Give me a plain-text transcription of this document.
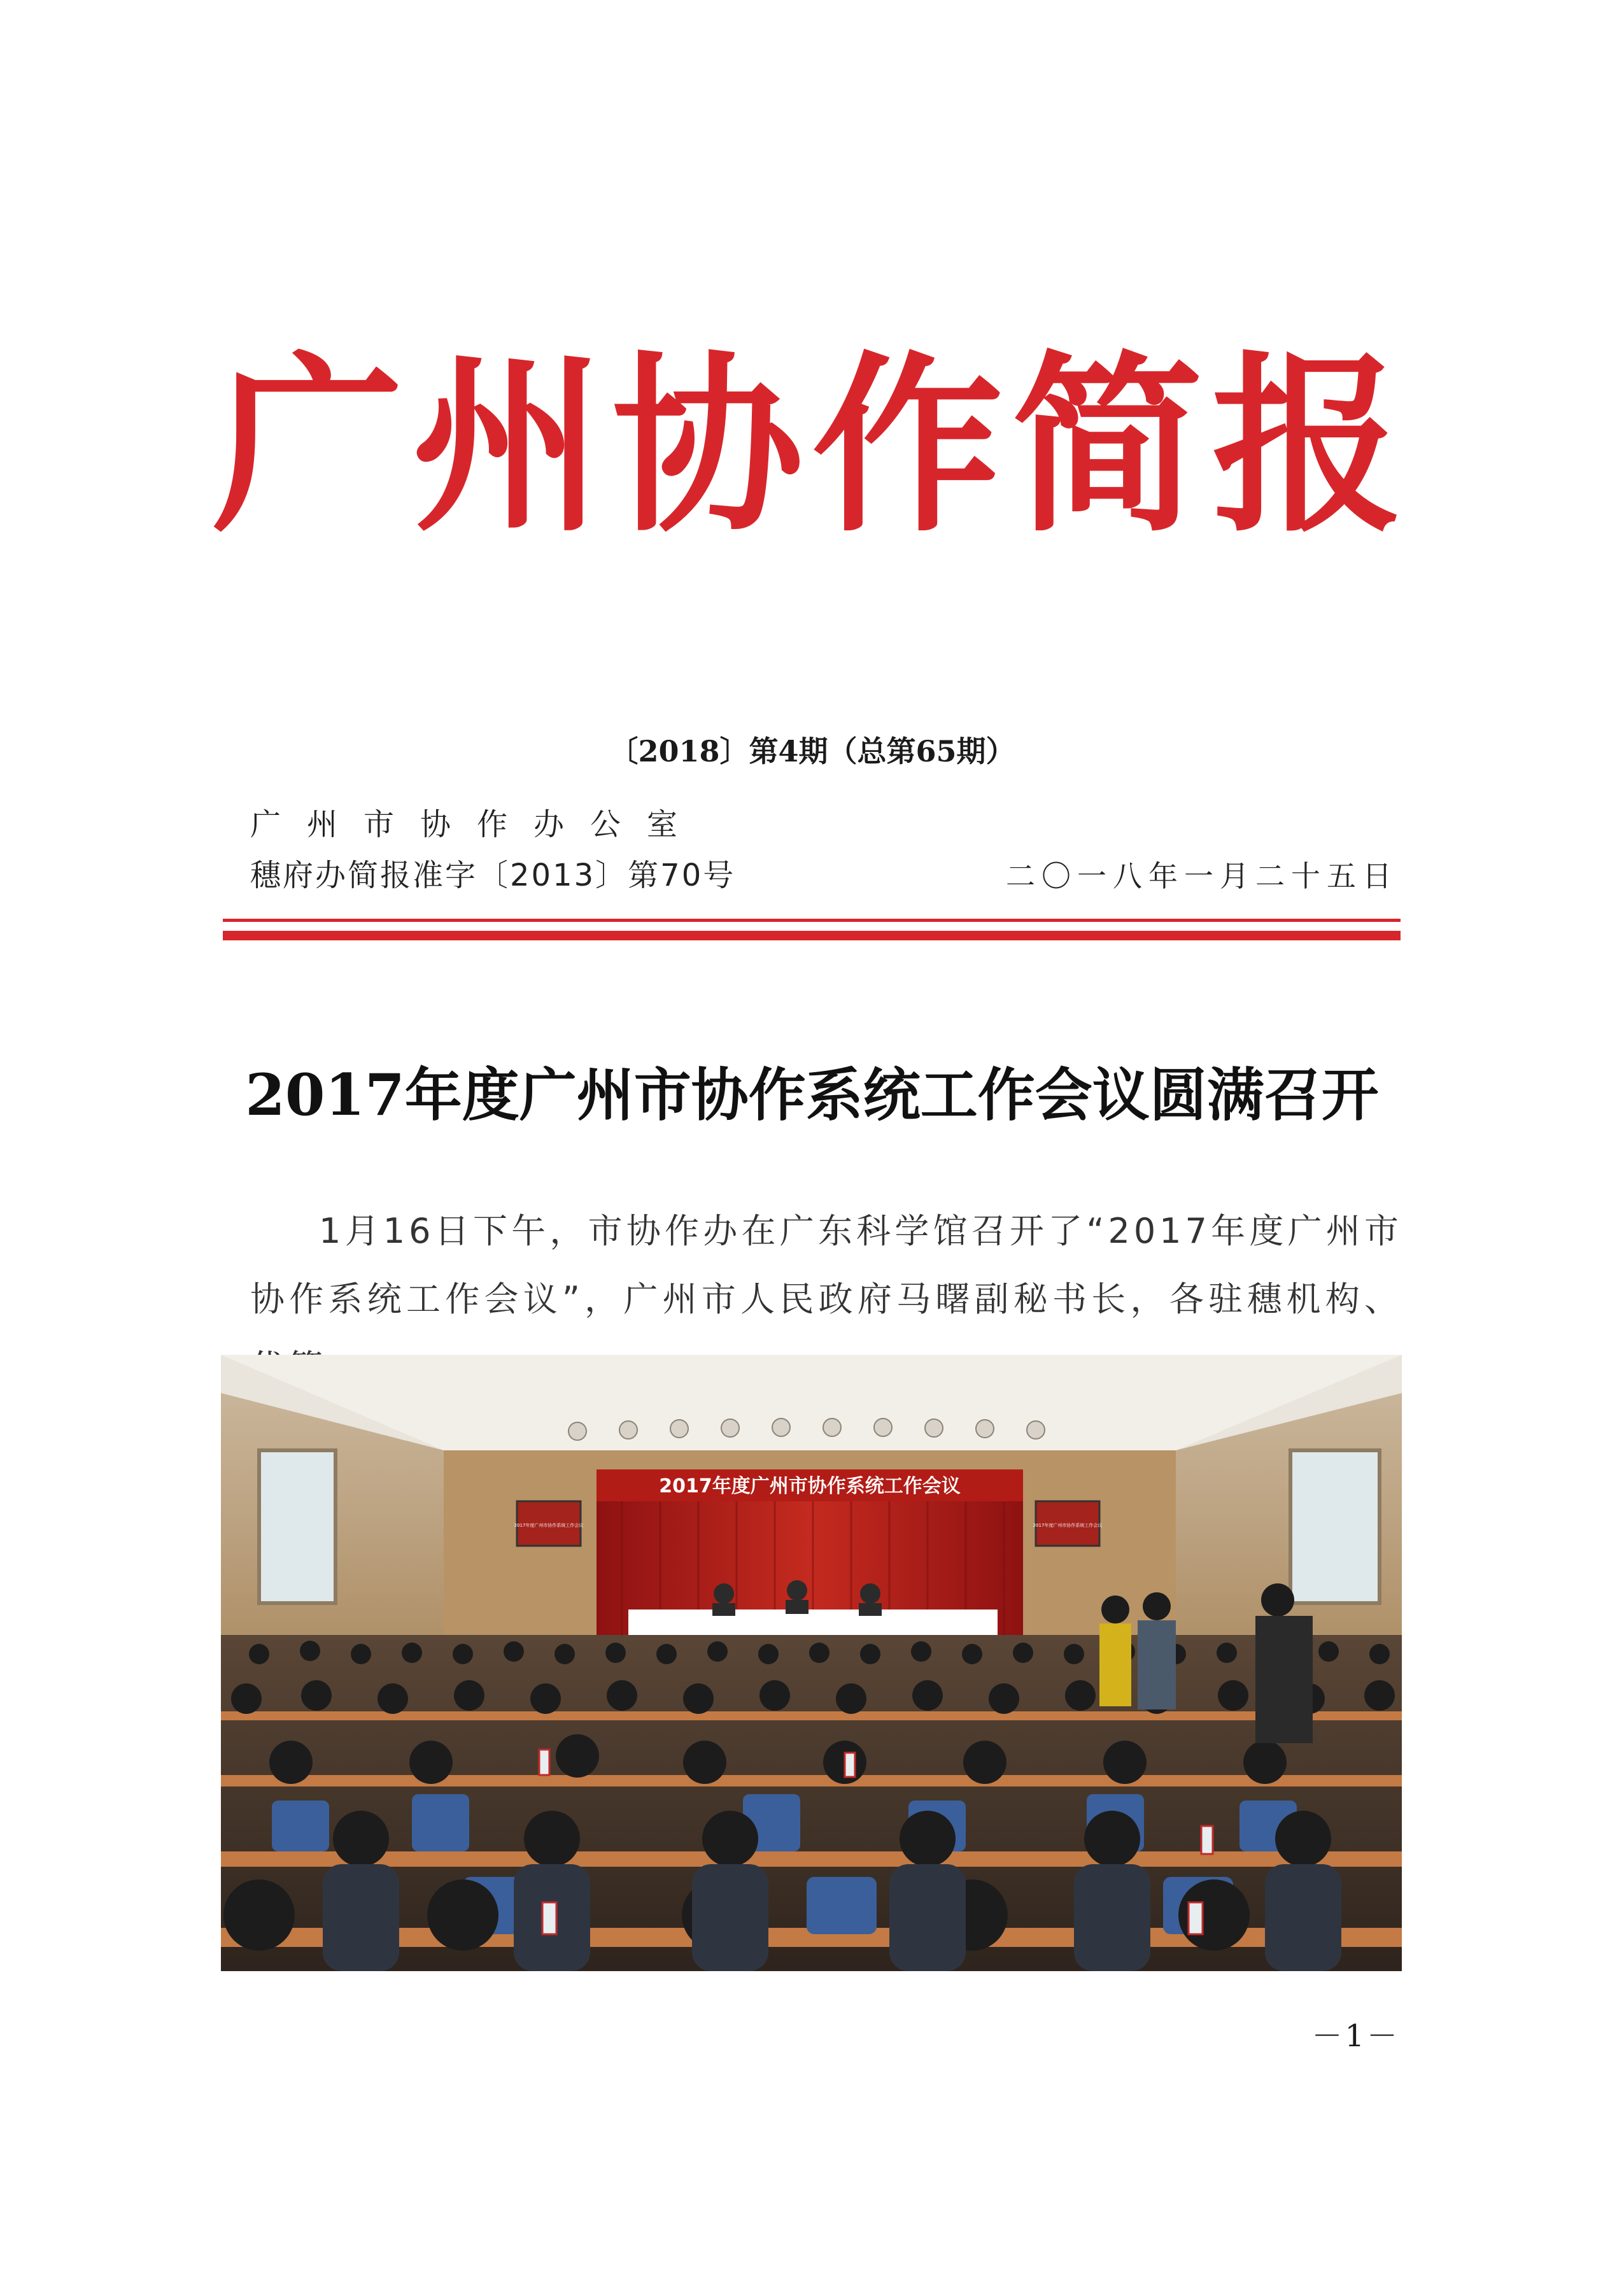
广州协作简报
〔2018〕第4期（总第65期）
广州市协作办公室
穗府办简报准字〔2013〕第70号	二〇一八年一月二十五日
2017年度广州市协作系统工作会议圆满召开
1月16日下午，市协作办在广东科学馆召开了“2017年度广州市协作系统工作会议”，广州市人民政府马曙副秘书长，各驻穗机构、
2017年度广州市协作系统工作会议
2017年度广州市协作系统工作会议	2017年度广州市协作系统工作会议
－1－
